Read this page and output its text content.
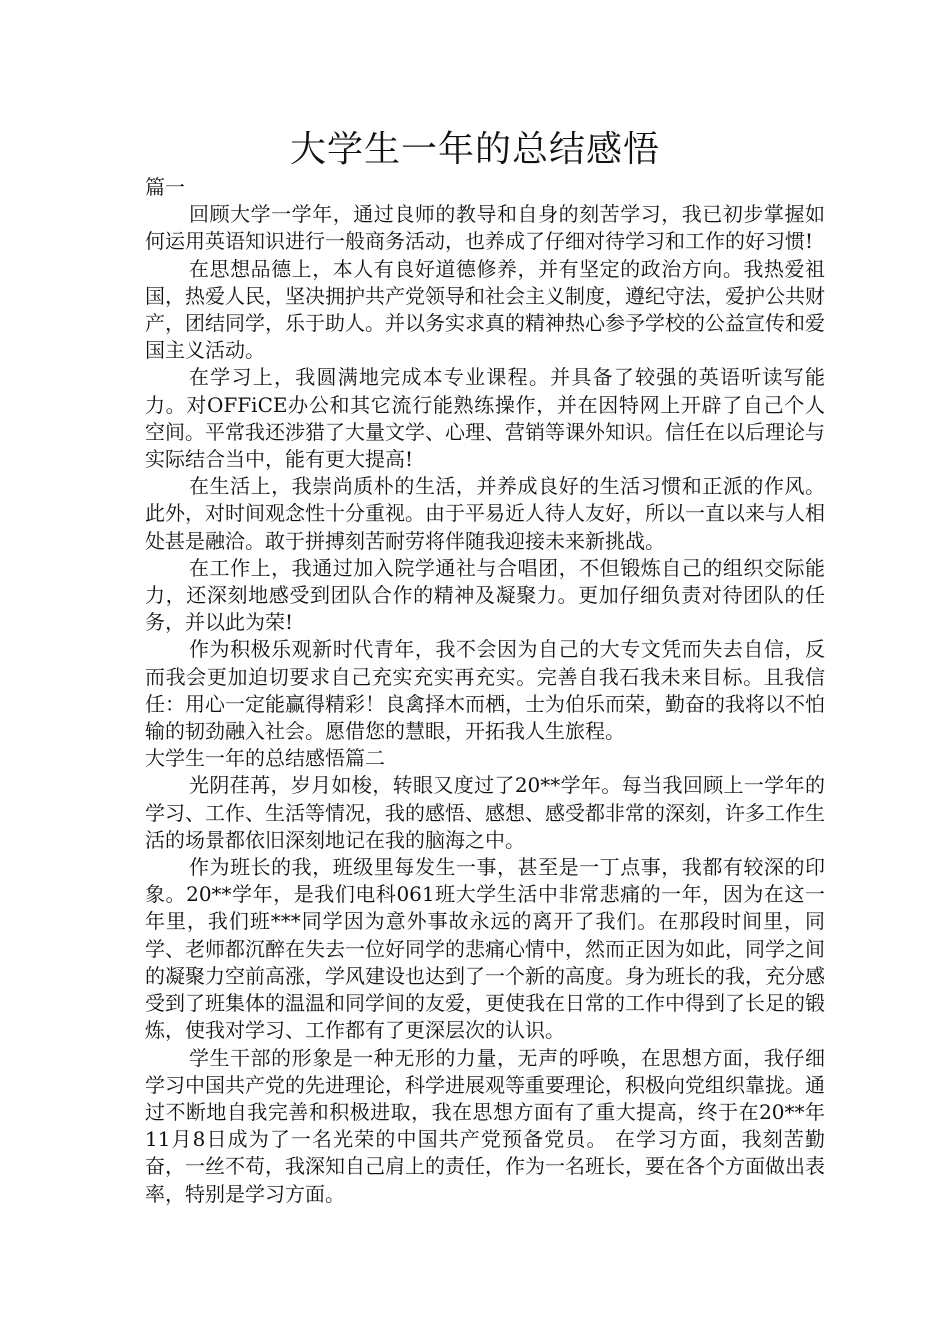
大学生一年的总结感悟

篇一

回顾大学一学年，通过良师的教导和自身的刻苦学习，我已初步掌握如何运用英语知识进行一般商务活动，也养成了仔细对待学习和工作的好习惯!

在思想品德上，本人有良好道德修养，并有坚定的政治方向。我热爱祖国，热爱人民，坚决拥护共产党领导和社会主义制度，遵纪守法，爱护公共财产，团结同学，乐于助人。并以务实求真的精神热心参予学校的公益宣传和爱国主义活动。

在学习上，我圆满地完成本专业课程。并具备了较强的英语听读写能力。对OFFiCE办公和其它流行能熟练操作，并在因特网上开辟了自己个人空间。平常我还涉猎了大量文学、心理、营销等课外知识。信任在以后理论与实际结合当中，能有更大提高!

在生活上，我崇尚质朴的生活，并养成良好的生活习惯和正派的作风。此外，对时间观念性十分重视。由于平易近人待人友好，所以一直以来与人相处甚是融洽。敢于拼搏刻苦耐劳将伴随我迎接未来新挑战。

在工作上，我通过加入院学通社与合唱团，不但锻炼自己的组织交际能力，还深刻地感受到团队合作的精神及凝聚力。更加仔细负责对待团队的任务，并以此为荣!

作为积极乐观新时代青年，我不会因为自己的大专文凭而失去自信，反而我会更加迫切要求自己充实充实再充实。完善自我石我未来目标。且我信任：用心一定能赢得精彩！良禽择木而栖，士为伯乐而荣，勤奋的我将以不怕输的韧劲融入社会。愿借您的慧眼，开拓我人生旅程。

大学生一年的总结感悟篇二

光阴荏苒，岁月如梭，转眼又度过了20**学年。每当我回顾上一学年的学习、工作、生活等情况，我的感悟、感想、感受都非常的深刻，许多工作生活的场景都依旧深刻地记在我的脑海之中。

作为班长的我，班级里每发生一事，甚至是一丁点事，我都有较深的印象。20**学年，是我们电科061班大学生活中非常悲痛的一年，因为在这一年里，我们班***同学因为意外事故永远的离开了我们。在那段时间里，同学、老师都沉醉在失去一位好同学的悲痛心情中，然而正因为如此，同学之间的凝聚力空前高涨，学风建设也达到了一个新的高度。身为班长的我，充分感受到了班集体的温温和同学间的友爱，更使我在日常的工作中得到了长足的锻炼，使我对学习、工作都有了更深层次的认识。

学生干部的形象是一种无形的力量，无声的呼唤，在思想方面，我仔细学习中国共产党的先进理论，科学进展观等重要理论，积极向党组织靠拢。通过不断地自我完善和积极进取，我在思想方面有了重大提高，终于在20**年11月8日成为了一名光荣的中国共产党预备党员。 在学习方面，我刻苦勤奋，一丝不苟，我深知自己肩上的责任，作为一名班长，要在各个方面做出表率，特别是学习方面。
